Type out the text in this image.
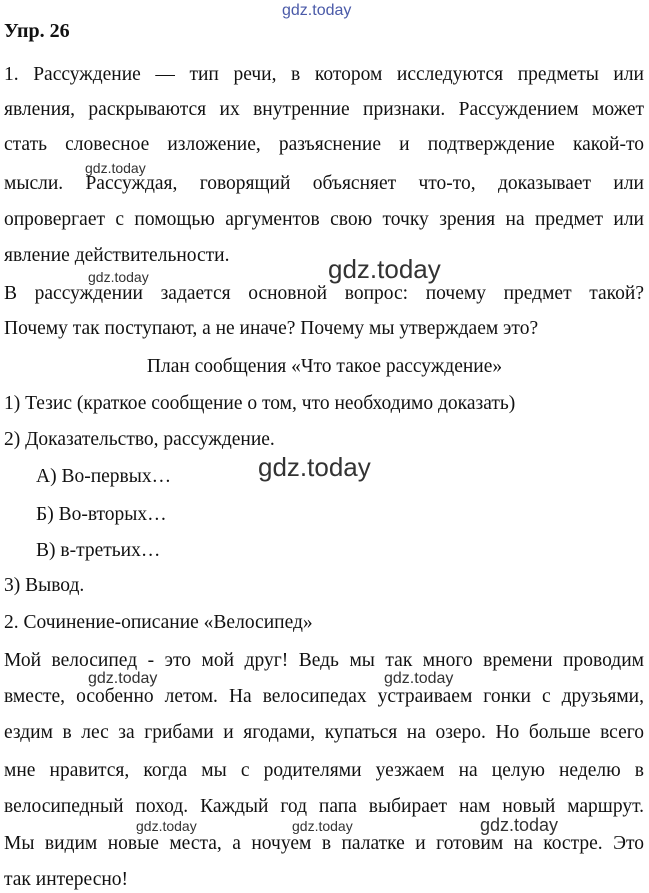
gdz.today
Упр. 26
1. Рассуждение — тип речи, в котором исследуются предметы или
явления, раскрываются их внутренние признаки. Рассуждением может
стать словесное изложение, разъяснение и подтверждение какой-то
мысли. Рассуждая, говорящий объясняет что-то, доказывает или
опровергает с помощью аргументов свою точку зрения на предмет или
явление действительности.
В рассуждении задается основной вопрос: почему предмет такой?
Почему так поступают, а не иначе? Почему мы утверждаем это?
План сообщения «Что такое рассуждение»
1) Тезис (краткое сообщение о том, что необходимо доказать)
2) Доказательство, рассуждение.
А) Во-первых…
Б) Во-вторых…
В) в-третьих…
3) Вывод.
2. Сочинение-описание «Велосипед»
Мой велосипед - это мой друг! Ведь мы так много времени проводим
вместе, особенно летом. На велосипедах устраиваем гонки с друзьями,
ездим в лес за грибами и ягодами, купаться на озеро. Но больше всего
мне нравится, когда мы с родителями уезжаем на целую неделю в
велосипедный поход. Каждый год папа выбирает нам новый маршрут.
Мы видим новые места, а ночуем в палатке и готовим на костре. Это
так интересно!
gdz.today
gdz.today	gdz.today
gdz.today
gdz.today	gdz.today
gdz.today	gdz.today	gdz.today
